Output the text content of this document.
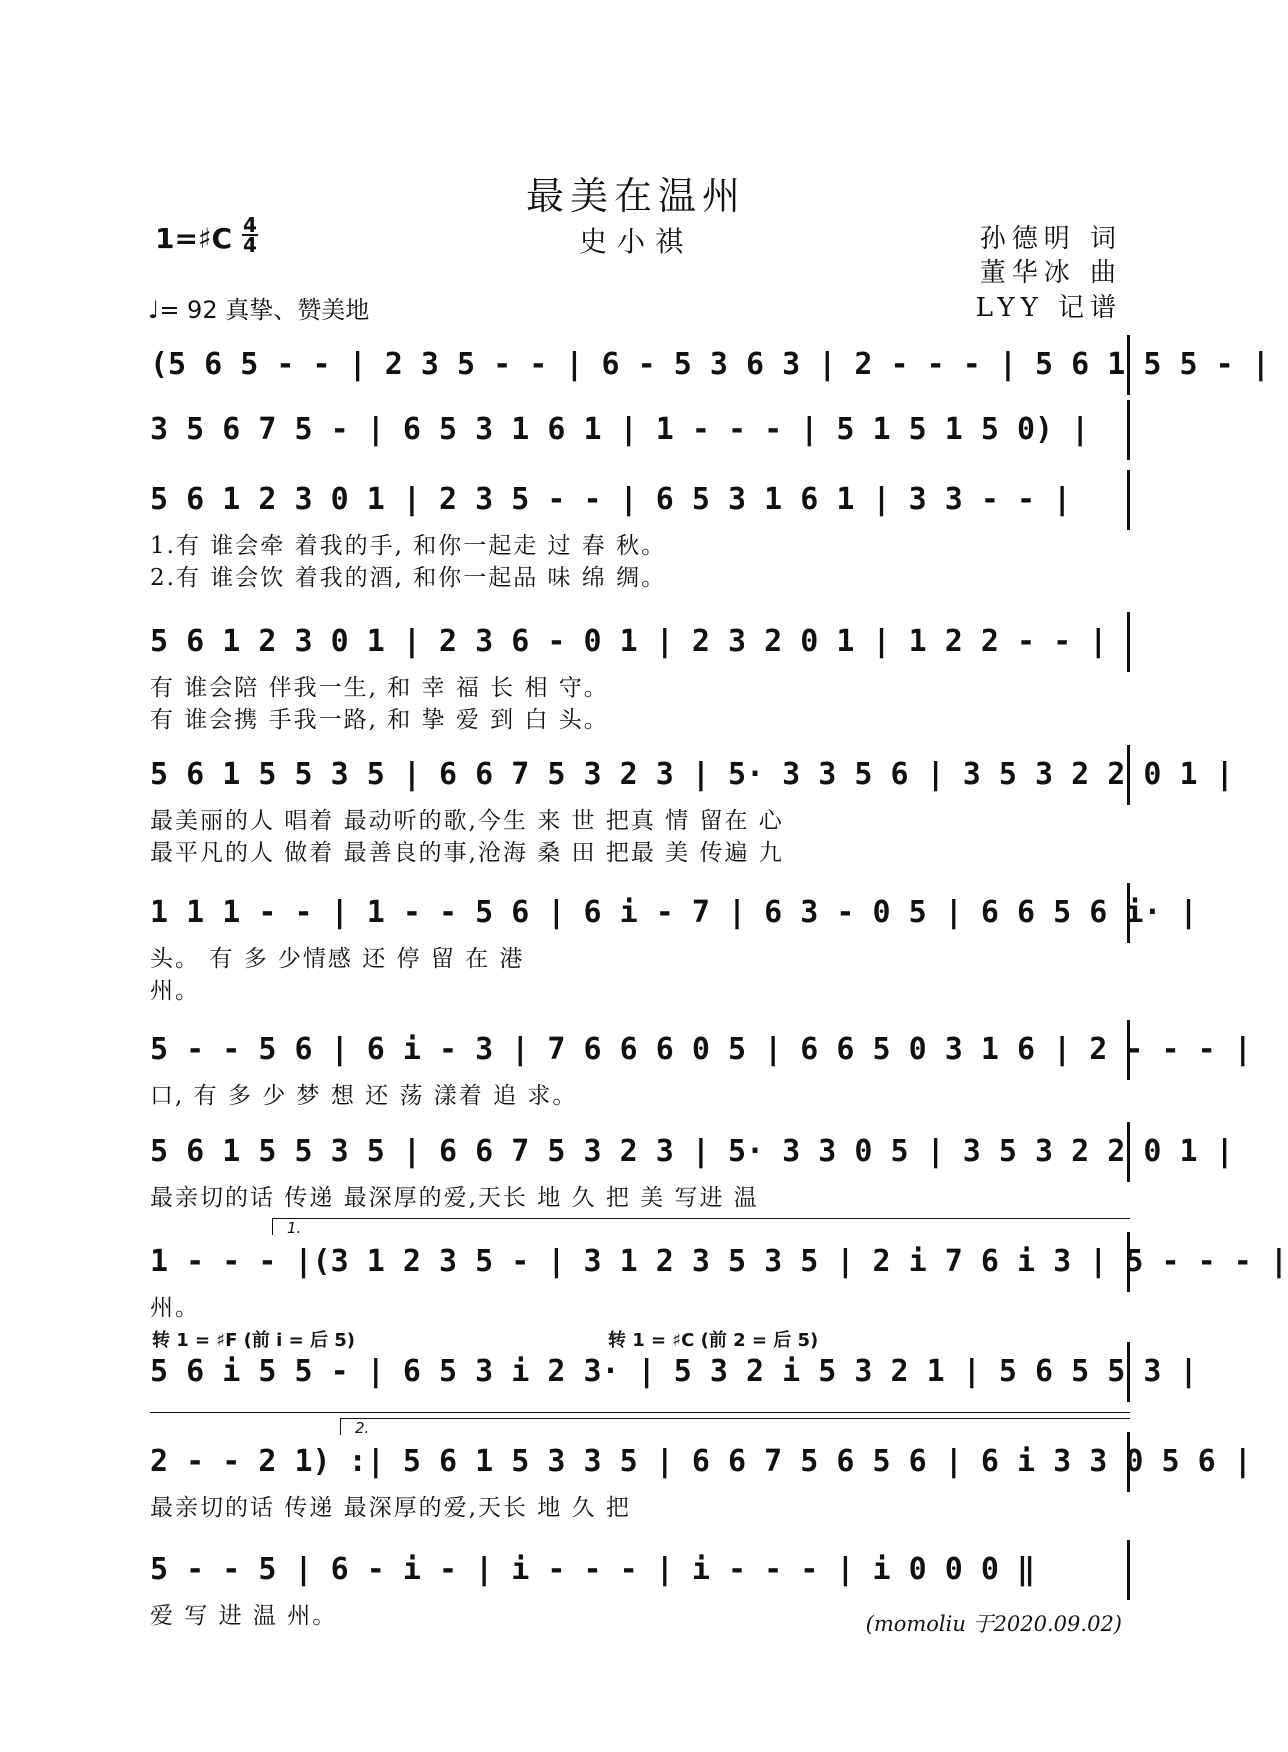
最美在温州
史小祺
1=♯C 4
4
♩= 92 真挚、赞美地
孙德明 词
董华冰 曲
LYY 记谱
(5 6 5 - - | 2 3 5 - - | 6 - 5 3 6 3 | 2 - - - | 5 6 1 5 5 - |
3 5 6 7 5 - | 6 5 3 1 6 1 | 1 - - - | 5 1 5 1 5 0) |
5 6 1 2 3 0 1 | 2 3 5 - - | 6 5 3 1 6 1 | 3 3 - - |
1.有 谁会牵 着我的手, 和你一起走 过 春 秋。
2.有 谁会饮 着我的酒, 和你一起品 味 绵 绸。
5 6 1 2 3 0 1 | 2 3 6 - 0 1 | 2 3 2 0 1 | 1 2 2 - - |
有 谁会陪 伴我一生, 和 幸 福 长 相 守。
有 谁会携 手我一路, 和 挚 爱 到 白 头。
5 6 1 5 5 3 5 | 6 6 7 5 3 2 3 | 5· 3 3 5 6 | 3 5 3 2 2 0 1 |
最美丽的人 唱着 最动听的歌,今生 来 世 把真 情 留在 心
最平凡的人 做着 最善良的事,沧海 桑 田 把最 美 传遍 九
1 1 1 - - | 1 - - 5 6 | 6 i - 7 | 6 3 - 0 5 | 6 6 5 6 i· |
头。 有 多 少情感 还 停 留 在 港
州。
5 - - 5 6 | 6 i - 3 | 7 6 6 6 0 5 | 6 6 5 0 3 1 6 | 2 - - - |
口, 有 多 少 梦 想 还 荡 漾着 追 求。
5 6 1 5 5 3 5 | 6 6 7 5 3 2 3 | 5· 3 3 0 5 | 3 5 3 2 2 0 1 |
最亲切的话 传递 最深厚的爱,天长 地 久 把 美 写进 温
1.
1 - - - |(3 1 2 3 5 - | 3 1 2 3 5 3 5 | 2 i 7 6 i 3 | 5 - - - |
州。
转 1 = ♯F (前 i = 后 5)	转 1 = ♯C (前 2 = 后 5)
5 6 i 5 5 - | 6 5 3 i 2 3· | 5 3 2 i 5 3 2 1 | 5 6 5 5 3 |
2.
2 - - 2 1) :| 5 6 1 5 3 3 5 | 6 6 7 5 6 5 6 | 6 i 3 3 0 5 6 |
最亲切的话 传递 最深厚的爱,天长 地 久 把
5 - - 5 | 6 - i - | i - - - | i - - - | i 0 0 0 ‖
爱 写 进 温 州。	(momoliu 于2020.09.02)
